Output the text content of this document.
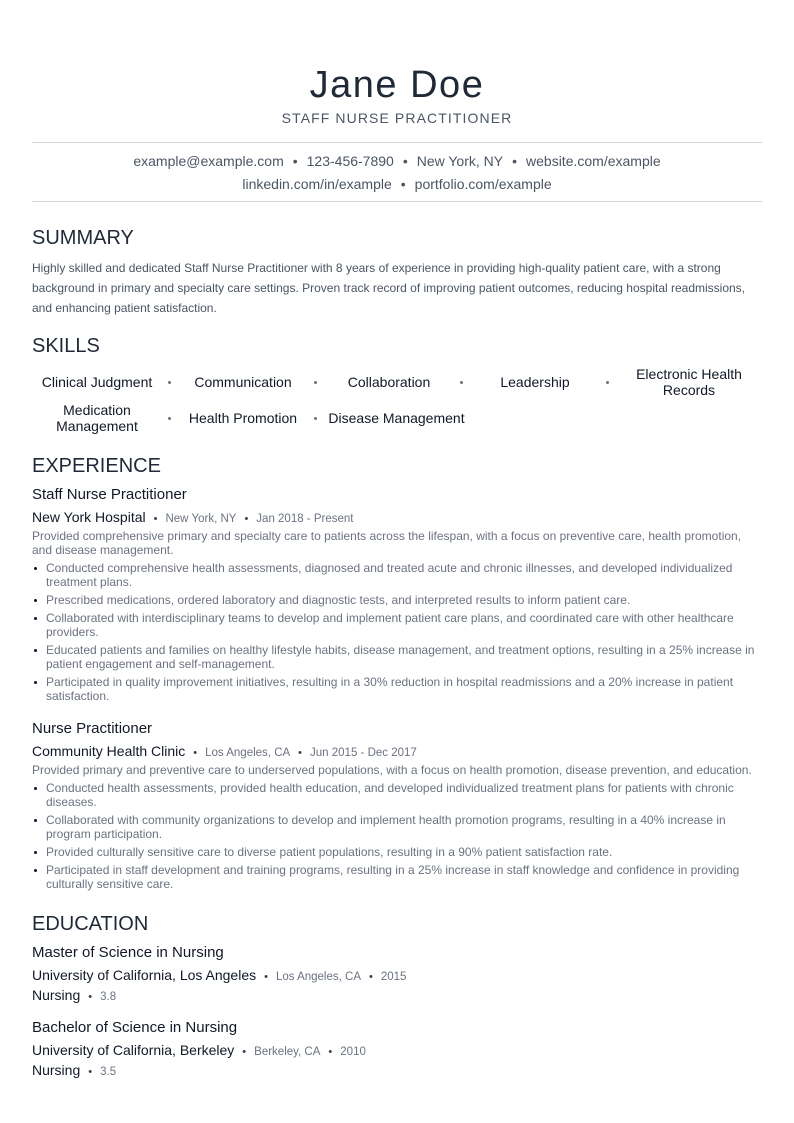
Jane Doe
STAFF NURSE PRACTITIONER
example@example.com • 123-456-7890 • New York, NY • website.com/example
linkedin.com/in/example • portfolio.com/example
SUMMARY
Highly skilled and dedicated Staff Nurse Practitioner with 8 years of experience in providing high-quality patient care, with a strong background in primary and specialty care settings. Proven track record of improving patient outcomes, reducing hospital readmissions, and enhancing patient satisfaction.
SKILLS
Clinical Judgment	Communication	Collaboration	Leadership	Electronic Health Records
Medication Management	Health Promotion	Disease Management
EXPERIENCE
Staff Nurse Practitioner
New York Hospital • New York, NY • Jan 2018 - Present
Provided comprehensive primary and specialty care to patients across the lifespan, with a focus on preventive care, health promotion, and disease management.
Conducted comprehensive health assessments, diagnosed and treated acute and chronic illnesses, and developed individualized treatment plans.
Prescribed medications, ordered laboratory and diagnostic tests, and interpreted results to inform patient care.
Collaborated with interdisciplinary teams to develop and implement patient care plans, and coordinated care with other healthcare providers.
Educated patients and families on healthy lifestyle habits, disease management, and treatment options, resulting in a 25% increase in patient engagement and self-management.
Participated in quality improvement initiatives, resulting in a 30% reduction in hospital readmissions and a 20% increase in patient satisfaction.
Nurse Practitioner
Community Health Clinic • Los Angeles, CA • Jun 2015 - Dec 2017
Provided primary and preventive care to underserved populations, with a focus on health promotion, disease prevention, and education.
Conducted health assessments, provided health education, and developed individualized treatment plans for patients with chronic diseases.
Collaborated with community organizations to develop and implement health promotion programs, resulting in a 40% increase in program participation.
Provided culturally sensitive care to diverse patient populations, resulting in a 90% patient satisfaction rate.
Participated in staff development and training programs, resulting in a 25% increase in staff knowledge and confidence in providing culturally sensitive care.
EDUCATION
Master of Science in Nursing
University of California, Los Angeles • Los Angeles, CA • 2015
Nursing • 3.8
Bachelor of Science in Nursing
University of California, Berkeley • Berkeley, CA • 2010
Nursing • 3.5
